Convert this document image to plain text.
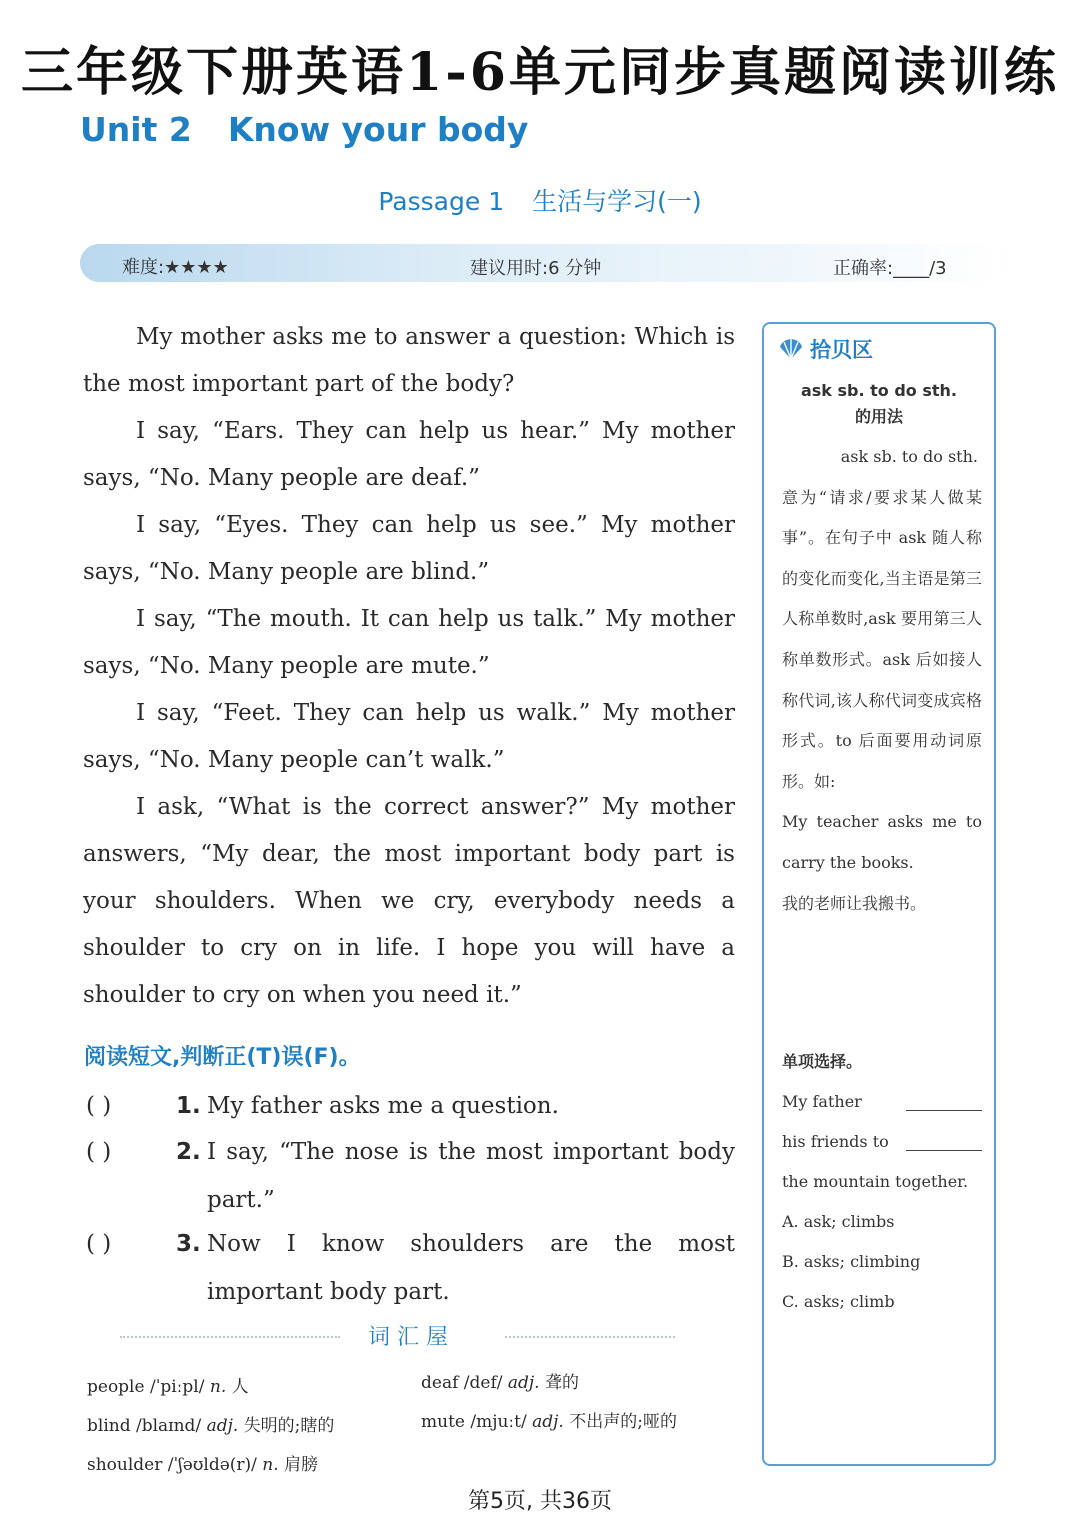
三年级下册英语1-6单元同步真题阅读训练
Unit 2 Know your body
Passage 1 生活与学习(一)
难度:★★★★	建议用时:6 分钟	正确率:____/3

My mother asks me to answer a question: Which is the most important part of the body?

I say, “Ears. They can help us hear.” My mother says, “No. Many people are deaf.”

I say, “Eyes. They can help us see.” My mother says, “No. Many people are blind.”

I say, “The mouth. It can help us talk.” My mother says, “No. Many people are mute.”

I say, “Feet. They can help us walk.” My mother says, “No. Many people can’t walk.”

I ask, “What is the correct answer?” My mother answers, “My dear, the most important body part is your shoulders. When we cry, everybody needs a shoulder to cry on in life. I hope you will have a shoulder to cry on when you need it.”

阅读短文,判断正(T)误(F)。
( )	1. My father asks me a question.
( )	2. I say, “The nose is the most important body part.”
( )	3. Now I know shoulders are the most important body part.
词 汇 屋
people /ˈpiːpl/ n. 人	deaf /def/ adj. 聋的
blind /blaɪnd/ adj. 失明的;瞎的	mute /mjuːt/ adj. 不出声的;哑的
shoulder /ˈʃəʊldə(r)/ n. 肩膀
拾贝区
ask sb. to do sth.
的用法

ask sb. to do sth.

意为“请求/要求某人做某事”。在句子中 ask 随人称的变化而变化,当主语是第三人称单数时,ask 要用第三人称单数形式。ask 后如接人称代词,该人称代词变成宾格形式。to 后面要用动词原形。如:

My teacher asks me to carry the books.

我的老师让我搬书。

单项选择。
My father
his friends to
the mountain together.
A. ask; climbs
B. asks; climbing
C. asks; climb
第5页, 共36页
